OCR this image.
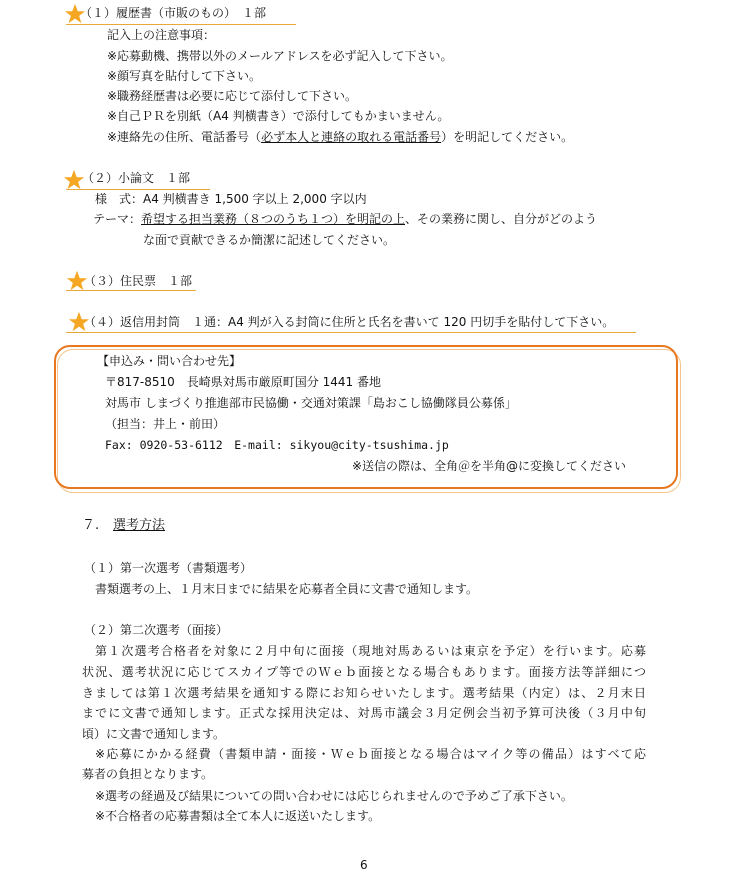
（１）履歴書（市販のもの）　１部
記入上の注意事項：
※応募動機、携帯以外のメールアドレスを必ず記入して下さい。
※顔写真を貼付して下さい。
※職務経歴書は必要に応じて添付して下さい。
※自己ＰＲを別紙（A4 判横書き）で添付してもかまいません。
※連絡先の住所、電話番号（必ず本人と連絡の取れる電話番号）を明記してください。
（２）小論文　１部
様　式：A4 判横書き 1,500 字以上 2,000 字以内
テーマ：希望する担当業務（８つのうち１つ）を明記の上、その業務に関し、自分がどのよう
な面で貢献できるか簡潔に記述してください。
（３）住民票　１部
（４）返信用封筒　１通：A4 判が入る封筒に住所と氏名を書いて 120 円切手を貼付して下さい。
【申込み・問い合わせ先】
〒817-8510　長崎県対馬市厳原町国分 1441 番地
対馬市 しまづくり推進部市民協働・交通対策課「島おこし協働隊員公募係」
（担当：井上・前田）
Fax: 0920-53-6112　E-mail: sikyou@city-tsushima.jp
※送信の際は、全角＠を半角@に変換してください
７. 選考方法
（１）第一次選考（書類選考）
書類選考の上、１月末日までに結果を応募者全員に文書で通知します。
（２）第二次選考（面接）
第１次選考合格者を対象に２月中旬に面接（現地対馬あるいは東京を予定）を行います。応募
状況、選考状況に応じてスカイプ等でのＷｅｂ面接となる場合もあります。面接方法等詳細につ
きましては第１次選考結果を通知する際にお知らせいたします。選考結果（内定）は、２月末日
までに文書で通知します。正式な採用決定は、対馬市議会３月定例会当初予算可決後（３月中旬
頃）に文書で通知します。
※応募にかかる経費（書類申請・面接・Ｗｅｂ面接となる場合はマイク等の備品）はすべて応
募者の負担となります。
※選考の経過及び結果についての問い合わせには応じられませんので予めご了承下さい。
※不合格者の応募書類は全て本人に返送いたします。
6
